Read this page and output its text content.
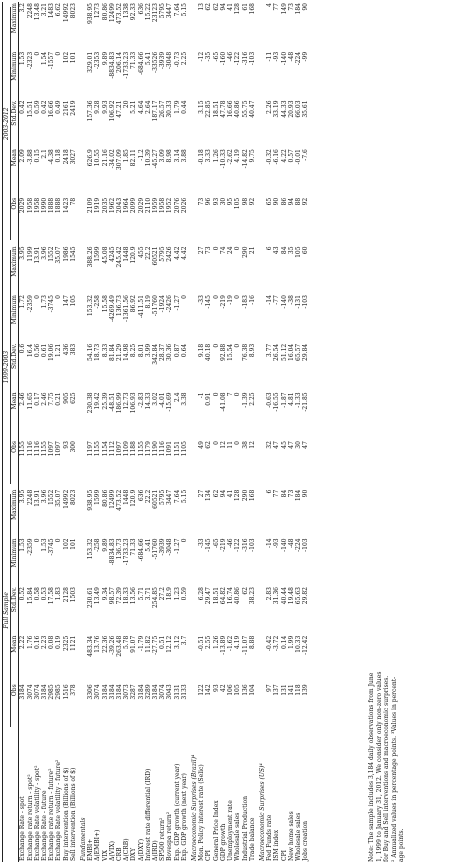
	Full Sample					1999-2003					2003-2012				

	Obs	Mean	Std.Dev.	Minimum	Maximum	Obs	Mean	Std.Dev.	Minimum	Maximum	Obs	Mean	Std.Dev.	Minimum	Maximum
Exchange Rate - spot	3184	2.22	0.52	1.53	3.95	1155	2.46	0.6	1.72	3.95	2029	2.09	0.42	1.53	3.2
Exchange rate return - spot²	3074	1.76	15.84	-2359	2248	1116	11.65	16.4	-2359	1199	1958	-3.88	15.51	-2323	2248
Exchange Rate volatility - spot²	3074	0.16	0.58	0	13.91	1116	0.17	0.56	0	13.91	1958	0.15	0.59	0	13.48
Exchange Rate - future	3184	2.23	0.53	1.53	3.96	1155	2.46	0.61	1.73	3.96	1990	2.1	0.42	1.54	3.21
Exchange rate return - future²	2985	0.08	17.58	-3745	1552	1097	7.75	19.06	-3745	1552	1888	-4.38	16.66	-1557	1483
Exchange Rate volatility - future²	2985	0.19	1.83	0	35.07	1097	0.21	1.21	0	35.07	1888	0.18	0.49	0	6.62
Buy intervention (Billions of $)	1516	2325	2128	102	14992	93	905	436	147	1986	1423	2418	2161	102	14992
Sell intervention (Billions of $)	378	1121	1503	101	8023	300	625	383	105	1545	78	3027	2419	101	8023
Fundamentals															
EMBI+	3306	483.34	230.61	153.32	938.95	1197	230.38	54.16	153.32	388.26	2109	626.9	157.36	329.01	938.95
Δ(EMBI+)	3074	13.76	13.49	-258	1599	1155	19.42	18.73	-258	1599	1919	10.55	9.28	-2353	1273
VIX	3184	22.36	9.34	9.89	80.86	1154	25.39	8.33	15.58	45.08	2035	21.16	9.93	9.89	80.86
Δ(VIX)	3184	-39.26	98.57	-8834.83	12499	1112	-48.51	81.84	-4269.49	4245	1962	-34.02	106.92	-8834.83	12499
CRB	3184	263.48	72.39	136.73	473.52	1097	186.99	21.29	136.73	245.42	2043	307.09	47.21	206.14	473.52
Δ(CRB)	3073	5.78	18.33	-1733.23	1448	1109	12.73	14.98	-1361.56	1448	1964	1.85	20	-1733.23	1338
DXY	3287	91.07	13.56	71.33	120.9	1188	106.93	8.25	86.92	120.9	2099	82.11	5.21	71.33	92.33
Δ(DXY)	3184	-1.79	5.71	-684.66	636	1155	-2.83	8.01	-411.51	455	2029	-1.2	4.64	-684.66	636
Interest rate differential (IRD)	3289	11.82	3.71	5.41	22.2	1179	14.33	3.99	8.19	22.2	2110	10.39	2.64	5.41	15.22
Δ(IRD)	3184	-27.75	254.85	-51760	60521	1190	3.02	342.84	-51760	60521	1959	-45.27	187.17	-33526	23123
SP500 return²	3074	0.51	27.2	-3939	5795	1116	-4.01	28.37	-1924	5795	1958	3.09	26.57	-3939	5795
Bovespa return²	3043	12.12	18.9	-3048	3447	1091	-15.69	30.36	-2426	2426	1952	8.98	30.33	-3048	3447
Exp. GDP growth (current year)	3131	3.12	1.23	-1.27	7.64	1151	2.4	0.87	-1.27	4.42	2076	3.14	1.79	-0.73	7.64
Exp. GDP growth (next year)	3133	3.7	0.59	0	5.15	1105	3.38	0.64	0	4.42	2026	3.88	0.44	2.25	5.15
Macroeconomic Surprises (Brazil)⁴															
Mon. Policy interest rate (Selic)	122	-0.51	6.28	-33	27	49	-1	9.18	-33	27	73	-0.18	3.15	-12	13
CPI	142	2.55	29.47	-145	134	62	0.91	40.18	-145	73	96	3.33	22.85	-35	62
General Price Index	93	1.26	18.51	-65	62	0	0	0	0	0	93	1.26	18.51	-65	62
GDP growth	42	-13.89	64.82	-219	94	12	-41.08	92.88	-219	74	30	-10.33	47.78	-160	94
Unemployment rate	106	-1.62	16.74	-46	41	11	7	15.54	-19	24	95	-2.62	16.66	-46	41
Wholesale sales	105	4.19	40.86	-122	128	0	0	0	0	0	105	4.19	40.86	-122	128
Industrial Production	136	-11.07	62	-316	290	38	-1.39	76.38	-183	290	98	-14.82	55.75	-316	61
Trade balance	104	8.88	38.23	-103	168	12	2.25	8.93	-16	21	92	9.75	40.47	-103	168
Macroeconomic Surprises (US)⁴															
Fed Funds rate	97	-0.42	2.83	-14	6	32	-0.63	3.77	-14	6	65	-0.32	2.26	-11	4
ISM index	137	-3.72	31.36	-93	77	47	-16.55	26.54	-77	43	90	-6.16	33.19	-93	77
CPI	131	0.14	40.44	-140	84	45	-1.87	51.12	-140	84	86	4.22	44.33	-140	149
New home sales	141	1.99	19.48	-48	73	47	4.81	16.04	-38	35	94	0.57	20.93	-48	73
Wholesale sales	118	10.33	65.63	-224	184	30	-1.33	65.57	-131	105	88	-0.01	66.03	-224	184
Jobs creation	139	-12.42	29.82	-103	90	47	-21.85	29.84	-103	60	92	-7.6	35.61	-99	90
Note: The sample includes 3,184 daily observations from June 1, 1999 to January 31, 2012. We consider only non-zero values for Buy and Sell interventions and macroeconomic surprises. ² Annualized values in percentage points. ³Values in percent- age points.
